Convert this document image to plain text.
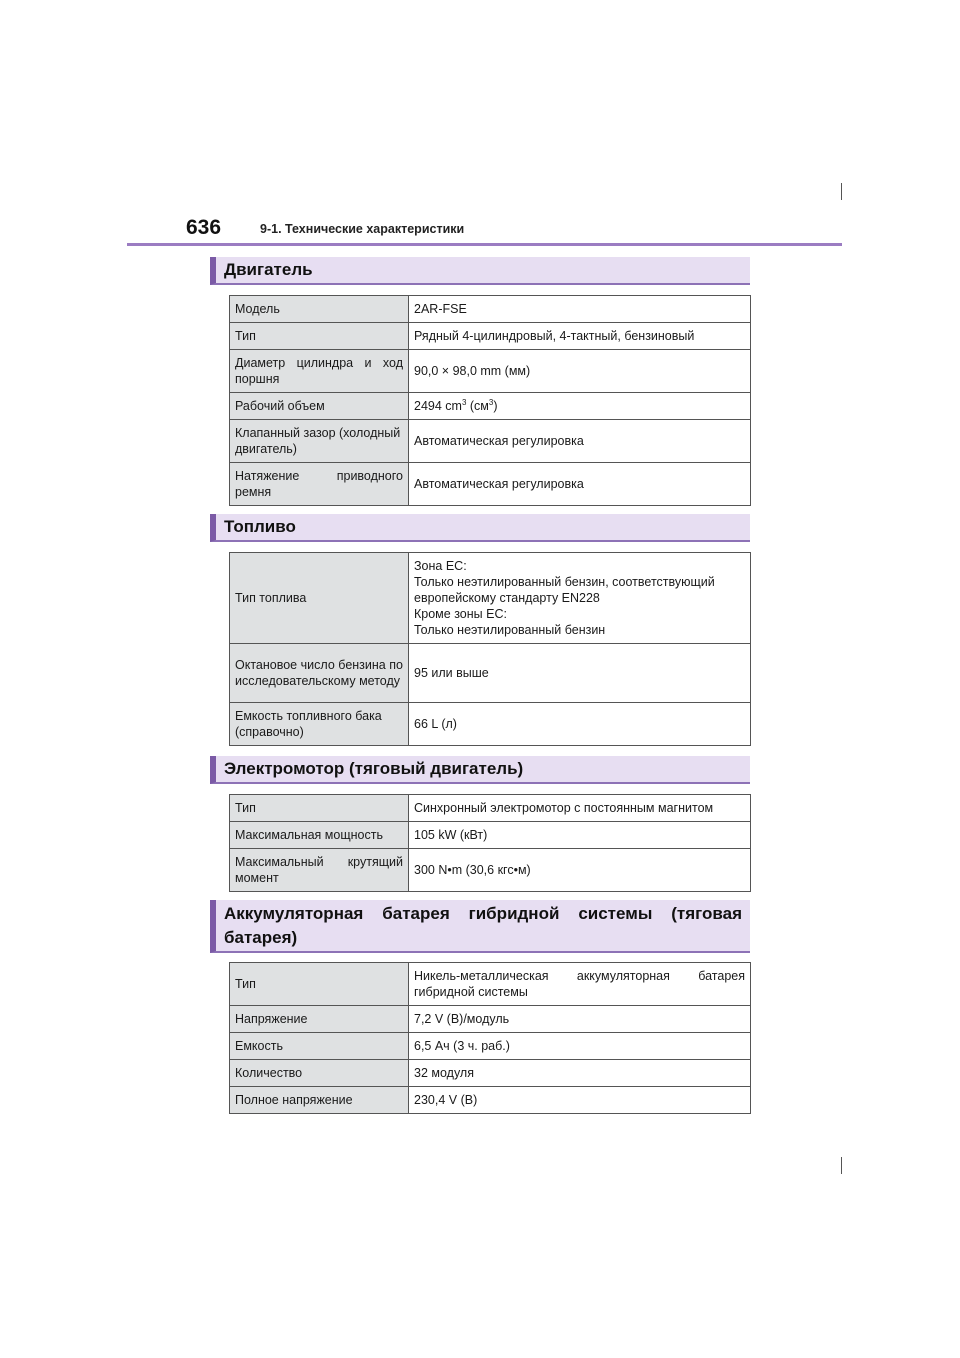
636	9-1. Технические характеристики
Двигатель
Модель	2AR-FSE
Тип	Рядный 4-цилиндровый, 4-тактный, бензиновый
Диаметр цилиндра и ход поршня	90,0 × 98,0 mm (мм)
Рабочий объем	2494 $cm^3$ $(см^3)$
Клапанный зазор (холодный двигатель)	Автоматическая регулировка
Натяжение приводного ремня	Автоматическая регулировка
Топливо
Тип топлива	Зона ЕС:
Только неэтилированный бензин, соответствующий европейскому стандарту EN228
Кроме зоны ЕС:
Только неэтилированный бензин

Октановое число бензина по исследовательскому методу	95 или выше
Емкость топливного бака (справочно)	66 L (л)
Электромотор (тяговый двигатель)
Тип	Синхронный электромотор с постоянным магнитом
Максимальная мощность	105 kW (кВт)
Максимальный крутящий момент	300 N•m (30,6 кгс•м)
Аккумуляторная батарея гибридной системы (тяговая батарея)
Тип	Никель-металлическая аккумуляторная батарея гибридной системы
Напряжение	7,2 V (В)/модуль
Емкость	6,5 Ач (3 ч. раб.)
Количество	32 модуля
Полное напряжение	230,4 V (В)
